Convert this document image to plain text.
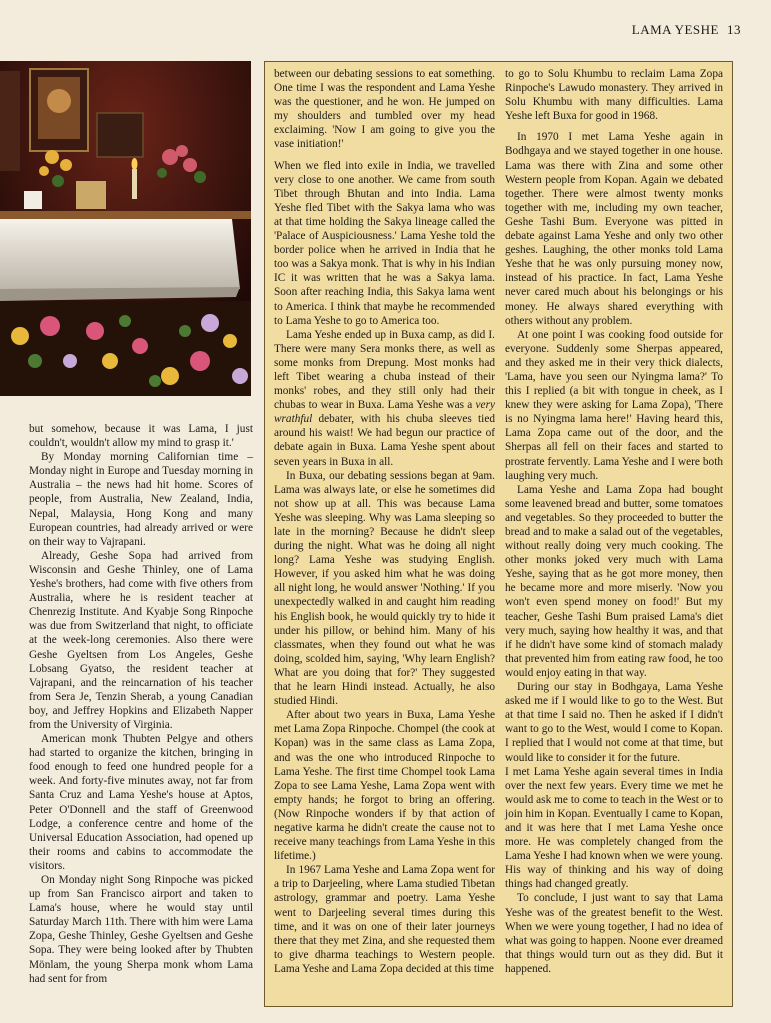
LAMA YESHE 13

but somehow, because it was Lama, I just couldn't, wouldn't allow my mind to grasp it.'

By Monday morning Californian time – Monday night in Europe and Tuesday morning in Australia – the news had hit home. Scores of people, from Australia, New Zealand, India, Nepal, Malaysia, Hong Kong and many European countries, had already arrived or were on their way to Vajrapani.

Already, Geshe Sopa had arrived from Wisconsin and Geshe Thinley, one of Lama Yeshe's brothers, had come with five others from Australia, where he is resident teacher at Chenrezig Institute. And Kyabje Song Rinpoche was due from Switzerland that night, to officiate at the week-long ceremonies. Also there were Geshe Gyeltsen from Los Angeles, Geshe Lobsang Gyatso, the resident teacher at Vajrapani, and the reincarnation of his teacher from Sera Je, Tenzin Sherab, a young Canadian boy, and Jeffrey Hopkins and Elizabeth Napper from the University of Virginia.

American monk Thubten Pelgye and others had started to organize the kitchen, bringing in food enough to feed one hundred people for a week. And forty-five minutes away, not far from Santa Cruz and Lama Yeshe's house at Aptos, Peter O'Donnell and the staff of Greenwood Lodge, a conference centre and home of the Universal Education Association, had opened up their rooms and cabins to accommodate the visitors.

On Monday night Song Rinpoche was picked up from San Francisco airport and taken to Lama's house, where he would stay until Saturday March 11th. There with him were Lama Zopa, Geshe Thinley, Geshe Gyeltsen and Geshe Sopa. They were being looked after by Thubten Mönlam, the young Sherpa monk whom Lama had sent for from

between our debating sessions to eat something. One time I was the respondent and Lama Yeshe was the questioner, and he won. He jumped on my shoulders and tumbled over my head exclaiming. 'Now I am going to give you the vase initiation!'

When we fled into exile in India, we travelled very close to one another. We came from south Tibet through Bhutan and into India. Lama Yeshe fled Tibet with the Sakya lama who was at that time holding the Sakya lineage called the 'Palace of Auspiciousness.' Lama Yeshe told the border police when he arrived in India that he too was a Sakya monk. That is why in his Indian IC it was written that he was a Sakya lama. Soon after reaching India, this Sakya lama went to America. I think that maybe he recommended to Lama Yeshe to go to America too.

Lama Yeshe ended up in Buxa camp, as did I. There were many Sera monks there, as well as some monks from Drepung. Most monks had left Tibet wearing a chuba instead of their monks' robes, and they still only had their chubas to wear in Buxa. Lama Yeshe was a very wrathful debater, with his chuba sleeves tied around his waist! We had begun our practice of debate again in Buxa. Lama Yeshe spent about seven years in Buxa in all.

In Buxa, our debating sessions began at 9am. Lama was always late, or else he sometimes did not show up at all. This was because Lama Yeshe was sleeping. Why was Lama sleeping so late in the morning? Because he didn't sleep during the night. What was he doing all night long? Lama Yeshe was studying English. However, if you asked him what he was doing all night long, he would answer 'Nothing.' If you unexpectedly walked in and caught him reading his English book, he would quickly try to hide it under his pillow, or behind him. Many of his classmates, when they found out what he was doing, scolded him, saying, 'Why learn English? What are you doing that for?' They suggested that he learn Hindi instead. Actually, he also studied Hindi.

After about two years in Buxa, Lama Yeshe met Lama Zopa Rinpoche. Chompel (the cook at Kopan) was in the same class as Lama Zopa, and was the one who introduced Rinpoche to Lama Yeshe. The first time Chompel took Lama Zopa to see Lama Yeshe, Lama Zopa went with empty hands; he forgot to bring an offering. (Now Rinpoche wonders if by that action of negative karma he didn't create the cause not to receive many teachings from Lama Yeshe in this lifetime.)

In 1967 Lama Yeshe and Lama Zopa went for a trip to Darjeeling, where Lama studied Tibetan astrology, grammar and poetry. Lama Yeshe went to Darjeeling several times during this time, and it was on one of their later journeys there that they met Zina, and she requested them to give dharma teachings to Western people. Lama Yeshe and Lama Zopa decided at this time

to go to Solu Khumbu to reclaim Lama Zopa Rinpoche's Lawudo monastery. They arrived in Solu Khumbu with many difficulties. Lama Yeshe left Buxa for good in 1968.

In 1970 I met Lama Yeshe again in Bodhgaya and we stayed together in one house. Lama was there with Zina and some other Western people from Kopan. Again we debated together. There were almost twenty monks together with me, including my own teacher, Geshe Tashi Bum. Everyone was pitted in debate against Lama Yeshe and only two other geshes. Laughing, the other monks told Lama Yeshe that he was only pursuing money now, instead of his practice. In fact, Lama Yeshe never cared much about his belongings or his money. He always shared everything with others without any problem.

At one point I was cooking food outside for everyone. Suddenly some Sherpas appeared, and they asked me in their very thick dialects, 'Lama, have you seen our Nyingma lama?' To this I replied (a bit with tongue in cheek, as I knew they were asking for Lama Zopa), 'There is no Nyingma lama here!' Having heard this, Lama Zopa came out of the door, and the Sherpas all fell on their faces and started to prostrate fervently. Lama Yeshe and I were both laughing very much.

Lama Yeshe and Lama Zopa had bought some leavened bread and butter, some tomatoes and vegetables. So they proceeded to butter the bread and to make a salad out of the vegetables, without really doing very much cooking. The other monks joked very much with Lama Yeshe, saying that as he got more money, then he became more and more miserly. 'Now you won't even spend money on food!' But my teacher, Geshe Tashi Bum praised Lama's diet very much, saying how healthy it was, and that if he didn't have some kind of stomach malady that prevented him from eating raw food, he too would enjoy eating in that way.

During our stay in Bodhgaya, Lama Yeshe asked me if I would like to go to the West. But at that time I said no. Then he asked if I didn't want to go to the West, would I come to Kopan. I replied that I would not come at that time, but would like to consider it for the future.

I met Lama Yeshe again several times in India over the next few years. Every time we met he would ask me to come to teach in the West or to join him in Kopan. Eventually I came to Kopan, and it was here that I met Lama Yeshe once more. He was completely changed from the Lama Yeshe I had known when we were young. His way of thinking and his way of doing things had changed greatly.

To conclude, I just want to say that Lama Yeshe was of the greatest benefit to the West. When we were young together, I had no idea of what was going to happen. Noone ever dreamed that things would turn out as they did. But it happened.
